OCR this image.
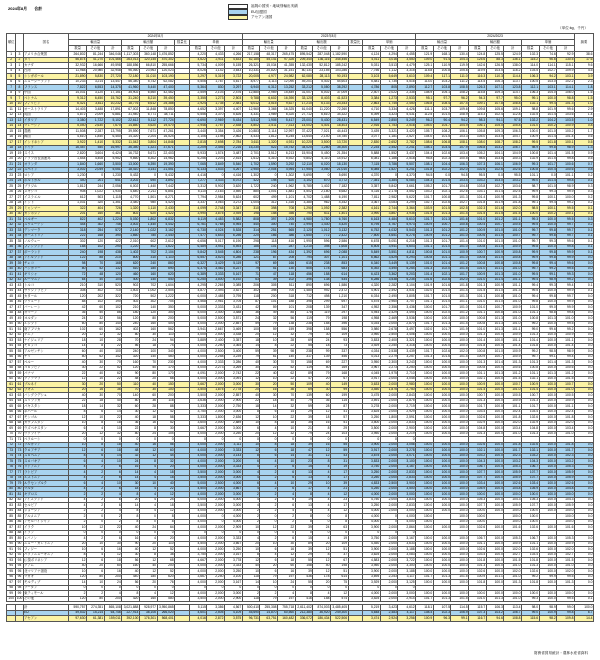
2024年8月 合計	福岡の国別・地域別輸出実績
EU加盟国
アセアン諸国
（単位:kg、千円）
順位		国名	2024年8月										2023年8月										2024/2023									摘要
			輸出量			輸出額			数量比	単価			輸出量			輸出額			数量比	単価			輸出量			輸出額			単価			
			数量	その他	計	数量	その他	計		数量	その他	計	数量	その他	計	数量	その他	計		数量	その他	計	数量	その他	計	数量	その他	計	数量	その他	計	
1	3	アメリカ合衆国	264,802	81,244	346,046	1,117,303	360,148	1,476,852		4,220	4,433	4,266	217,158	48,317	265,475	895,542	287,048	1,182,590		4,124	4,294	4,455	121.9	168.1	130.4	124.8	125.5	124.9	102.3	74.6	92.9	38.6
2	2	タイ	56,874	41,270	101,466	263,013	120,145	470,302		4,622	2,911	4,633	52,185	45,141	97,326	209,340	136,116	345,456		4,011	3,016	3,550	109.0	91.4	104.3	125.6	88.3	136.1	115.2	96.6	130.5	17.6
3	1	カナダ	32,932	16,666	49,598	188,856	66,810	255,666		5,734	4,009	5,155	26,321	15,034	41,355	132,430	52,812	185,242		5,031	3,513	4,479	125.1	110.9	119.9	142.6	126.5	138.0	114.0	114.1	115.1	9.6
4	4	台湾	11,968	20,980	32,948	96,060	23,963	120,023		8,026	1,142	3,643	10,331	20,820	31,151	80,131	23,155	103,286		7,756	1,112	3,315	115.8	100.8	105.8	119.9	103.5	116.2	103.5	102.7	109.9	4.5
5	5	シンガポール	21,890	5,830	27,720	72,180	31,010	103,190		3,297	5,319	3,722	20,005	4,977	24,982	62,080	28,113	90,193		3,103	5,649	3,610	109.4	117.1	111.0	116.3	110.3	114.4	106.3	94.2	103.1	3.9
6	6	ニュージーランド	10,233	3,214	13,447	56,340	5,742	62,082		5,506	1,787	4,617	8,977	3,113	12,090	49,201	5,402	54,603		5,481	1,735	4,516	114.0	103.2	111.2	114.5	106.3	113.7	100.5	103.0	102.2	2.3
7	8	フランス	7,822	6,553	14,375	41,960	5,440	47,400		5,364	830	3,297	6,940	6,312	13,252	33,212	5,080	38,292		4,786	805	2,890	112.7	103.8	108.5	126.3	107.1	123.8	112.1	103.1	114.1	1.8
8	9	中国	14,031	3,120	17,151	35,902	6,560	42,462		2,559	2,103	2,476	12,880	2,969	15,849	31,007	6,002	37,009		2,407	2,022	2,335	108.9	105.1	108.2	115.8	109.3	114.7	106.3	104.0	106.0	1.6
9	7	ベトナム	9,312	6,450	15,762	31,240	8,210	39,450		3,355	1,273	2,503	9,788	6,602	16,390	33,120	8,403	41,523		3,384	1,273	2,533	95.1	97.7	96.2	94.3	97.7	95.0	99.1	100.0	98.8	1.5
10	10	フィリピン	6,421	3,811	10,232	18,776	6,612	25,388		2,924	1,735	2,481	6,012	3,515	9,527	17,210	6,133	23,343		2,863	1,745	2,450	106.8	108.4	107.4	109.1	107.8	108.8	102.1	99.4	101.3	1.0
11	11	オーストラリア	14,403	3,488	17,891	67,002	11,848	78,850		4,652	3,397	4,407	12,960	3,365	16,325	61,040	11,220	72,260		4,710	3,334	4,426	111.1	103.7	109.6	109.8	105.6	109.1	98.8	101.9	99.6	2.9
12	13	英国	4,872	2,009	6,881	31,940	6,771	38,711		6,556	3,370	5,626	4,331	1,989	6,320	27,712	6,610	34,322		6,399	3,323	5,431	112.5	101.0	108.9	115.3	102.4	112.8	102.5	101.4	103.6	1.4
13	12	イタリア	3,380	1,722	5,102	22,612	5,112	27,724		6,690	2,969	5,434	3,512	1,905	5,417	23,001	5,430	28,431		6,549	2,850	5,249	96.2	90.4	94.2	98.3	94.1	97.5	102.2	104.2	103.5	1.0
14	14	マレーシア	5,040	2,630	7,670	14,850	4,620	19,470		2,946	1,757	2,538	4,802	2,511	7,313	14,002	4,401	18,403		2,916	1,753	2,516	105.0	104.7	104.9	106.1	105.0	105.8	101.0	100.2	100.9	0.8
15	15	香港	11,508	2,287	13,795	39,590	7,671	47,261		3,440	3,354	3,426	10,883	2,114	12,997	37,422	7,021	44,443		3,439	3,321	3,420	105.7	108.2	106.1	105.8	109.3	106.3	100.0	101.0	100.2	1.7
16	16	韓国	4,610	1,840	6,450	14,320	2,204	16,524		3,106	1,198	2,562	4,433	1,812	6,245	13,640	2,140	15,780		3,077	1,181	2,527	104.0	101.5	103.3	105.0	103.0	104.7	100.9	101.4	101.4	0.6
17	17	インドネシア	3,922	1,410	5,332	11,042	3,804	14,846		2,815	2,698	2,784	3,611	1,320	4,931	10,220	3,500	13,720		2,830	2,652	2,782	108.6	106.8	108.1	108.0	108.7	108.2	99.5	101.8	100.1	0.5
18	18	ドイツ	16,457	540	16,997	36,350	1,321	37,671		2,209	2,446	2,216	15,230	522	15,752	34,020	1,280	35,300		2,234	2,452	2,241	108.1	103.4	107.9	106.8	103.2	106.7	98.9	99.8	98.9	1.3
19	19	スイス	2,820	3,604	6,424	16,732	5,671	22,403		5,933	1,574	3,487	2,701	3,512	6,213	15,904	5,450	21,354		5,888	1,552	3,437	104.4	102.6	103.4	105.2	104.1	104.9	100.8	101.4	101.5	0.9
20	20	アラブ首長国連邦	1,544	4,408	5,952	9,660	5,302	14,962		6,256	1,203	2,514	1,612	4,310	5,922	9,802	5,110	14,912		6,081	1,186	2,518	95.8	102.3	100.5	98.6	103.8	100.3	102.9	101.5	99.8	0.5
21	21	オランダ	1,840	1,660	3,500	13,000	6,390	19,390		7,065	3,849	5,540	1,702	1,590	3,292	12,110	6,020	18,130		7,115	3,786	5,507	108.1	104.4	106.3	107.3	106.1	106.9	99.3	101.7	100.6	0.7
22	22	スペイン	3,002	2,049	5,051	18,410	3,141	21,551		6,133	1,533	4,267	2,950	2,004	4,954	17,950	3,060	21,010		6,085	1,527	4,241	101.8	102.2	102.0	102.6	102.6	102.6	100.8	100.4	100.6	0.8
23	23	ロシア	1,230	0	1,230	5,432	0	5,432		4,416	0	4,416	1,302	0	1,302	5,690	0	5,690		4,370	0	4,370	94.5	0.0	94.5	95.5	0.0	95.5	101.1	0.0	101.1	0.2
24	24	ポルトガル	440	201	641	3,202	690	3,892		7,277	3,433	6,072	422	198	620	3,102	670	3,772		7,351	3,384	6,084	104.3	101.5	103.4	103.2	103.0	103.2	99.0	101.4	99.8	0.1
25	25	ブラジル	1,812	244	2,056	6,002	1,440	7,442		3,312	5,902	3,620	1,722	240	1,962	5,780	1,402	7,182		3,357	5,842	3,661	105.2	101.7	104.8	103.8	102.7	103.6	98.7	101.0	98.9	0.3
26	26	メキシコ	908	1,022	1,930	4,640	2,211	6,851		5,110	2,163	3,550	880	1,001	1,881	4,502	2,180	6,682		5,116	2,178	3,552	103.2	102.1	102.6	103.1	101.4	102.5	99.9	99.3	99.9	0.3
27	27	イスラエル	612	503	1,115	4,770	1,501	6,271		7,794	2,984	5,624	602	499	1,101	4,702	1,488	6,190		7,811	2,982	5,622	101.7	100.8	101.3	101.4	100.9	101.3	99.8	100.1	100.0	0.2
28	28	インド	1,031	320	1,351	3,440	980	4,420		3,337	3,063	3,272	1,004	312	1,316	3,380	962	4,342		3,367	3,083	3,299	102.7	102.6	102.7	101.8	101.9	101.8	99.1	99.4	99.2	0.2
29	29	ミャンマー	322	404	726	1,320	1,110	2,430		4,099	2,748	3,347	310	398	708	1,290	1,092	2,382		4,161	2,744	3,364	103.9	101.5	102.5	102.3	101.6	102.0	98.5	100.1	99.5	0.1
30	30	カンボジア	201	160	361	802	620	1,422		3,990	3,875	3,939	198	158	356	790	611	1,401		3,990	3,867	3,935	101.5	101.3	101.4	101.5	101.5	101.5	100.0	100.2	100.1	0.1
31	31	ベルギー	822	402	1,224	5,030	1,802	6,832		6,119	4,483	5,582	808	397	1,205	4,980	1,780	6,760		6,163	4,484	5,610	101.7	101.3	101.6	101.0	101.2	101.1	99.3	100.0	99.5	0.3
32	32	スウェーデン	444	302	746	3,002	1,440	4,442		6,761	4,768	5,954	440	300	740	2,990	1,430	4,420		6,795	4,767	5,973	100.9	100.7	100.8	100.4	100.7	100.5	99.5	100.0	99.7	0.2
33	33	デンマーク	318	254	572	2,140	1,022	3,162		6,730	4,024	5,528	314	251	565	2,120	1,012	3,132		6,752	4,032	5,543	101.3	101.2	101.2	100.9	101.0	101.0	99.7	99.8	99.7	0.1
34	34	オーストリア	222	168	390	1,660	780	2,440		7,477	4,643	6,256	220	166	386	1,650	772	2,422		7,500	4,651	6,275	100.9	101.2	101.0	100.6	101.0	100.7	99.7	99.8	99.7	0.1
35	35	ノルウェー	302	120	422	2,010	602	2,612		6,656	5,017	6,190	298	118	416	1,990	596	2,586		6,678	5,051	6,216	101.3	101.7	101.4	101.0	101.0	101.0	99.7	99.3	99.6	0.1
36	36	フィンランド	188	102	290	1,220	402	1,622		6,489	3,941	5,593	186	101	287	1,210	398	1,608		6,505	3,941	5,603	101.1	101.0	101.0	100.8	101.0	100.9	99.8	100.0	99.8	0.1
37	37	ポーランド	240	198	438	1,402	702	2,104		5,842	3,545	4,804	238	196	434	1,392	696	2,088		5,849	3,551	4,811	100.8	101.0	100.9	100.7	100.9	100.8	99.9	99.8	99.9	0.1
38	38	アイルランド	122	88	210	800	310	1,110		6,557	3,523	5,286	121	87	208	794	307	1,101		6,562	3,529	5,293	100.8	101.1	101.0	100.8	101.0	100.8	99.9	99.8	99.9	0.0
39	39	チェコ	98	70	168	620	240	860		6,327	3,429	5,119	97	69	166	615	238	853		6,340	3,449	5,139	101.0	101.4	101.2	100.8	100.8	100.8	99.8	99.4	99.6	0.0
40	40	ハンガリー	80	52	132	510	180	690		6,375	3,462	5,227	79	51	130	505	178	683		6,392	3,490	5,254	101.3	102.0	101.5	101.0	101.1	101.0	99.7	99.2	99.5	0.0
41	41	ギリシャ	72	48	120	460	160	620		6,389	3,333	5,167	71	47	118	456	158	614		6,423	3,362	5,203	101.4	102.1	101.7	100.9	101.3	101.0	99.5	99.1	99.3	0.0
42	42	ルーマニア	64	40	104	400	140	540		6,250	3,500	5,192	63	39	102	396	138	534		6,286	3,538	5,235	101.6	102.6	102.0	101.0	101.4	101.1	99.4	98.9	99.2	0.0
43	43	トルコ	210	310	520	902	702	1,604		4,295	2,265	3,085	206	305	511	890	696	1,586		4,320	2,282	3,104	101.9	101.6	101.8	101.3	100.9	101.1	99.4	99.3	99.4	0.1
44	44	サウジアラビア	308	402	710	1,502	1,002	2,504		4,877	2,493	3,527	302	398	700	1,480	992	2,472		4,901	2,492	3,531	102.0	101.0	101.4	101.5	101.0	101.3	99.5	100.0	99.9	0.1
45	45	カタール	120	202	322	720	502	1,222		6,000	2,485	3,795	118	200	318	712	498	1,210		6,034	2,490	3,805	101.7	101.0	101.3	101.1	100.8	101.0	99.4	99.8	99.7	0.0
46	46	クウェート	88	102	190	402	302	704		4,568	2,961	3,705	87	101	188	398	299	697		4,575	2,960	3,707	101.1	101.0	101.1	101.0	101.0	101.0	99.8	100.0	99.9	0.0
47	47	バーレーン	42	60	102	210	140	350		5,000	2,333	3,431	42	59	101	208	139	347		4,952	2,356	3,436	100.0	101.7	101.0	101.0	100.7	100.9	101.0	99.0	99.9	0.0
48	48	オマーン	36	50	86	180	120	300		5,000	2,400	3,488	36	49	85	178	119	297		4,944	2,429	3,494	100.0	102.0	101.2	101.1	100.8	101.0	101.1	98.8	99.8	0.0
49	49	ヨルダン	24	32	56	120	80	200		5,000	2,500	3,571	24	32	56	119	79	198		4,958	2,469	3,536	100.0	100.0	100.0	100.8	101.3	101.0	100.8	101.3	101.0	0.0
50	50	エジプト	60	80	140	240	160	400		4,000	2,000	2,857	59	79	138	238	158	396		4,034	2,000	2,870	101.7	101.3	101.4	100.8	101.3	101.0	99.2	100.0	99.5	0.0
51	51	南アフリカ	102	60	162	402	160	562		3,941	2,667	3,469	100	59	159	398	158	556		3,980	2,678	3,497	102.0	101.7	101.9	101.0	101.3	101.1	99.0	99.6	99.2	0.0
52	52	ケニア	20	12	32	80	30	110		4,000	2,500	3,438	20	12	32	79	30	109		3,950	2,500	3,406	100.0	100.0	100.0	101.3	100.0	100.9	101.3	100.0	100.9	0.0
53	53	ナイジェリア	18	10	28	70	24	94		3,889	2,400	3,357	18	10	28	69	24	93		3,833	2,400	3,321	100.0	100.0	100.0	101.4	100.0	101.1	101.4	100.0	101.1	0.0
54	54	モロッコ	14	8	22	56	18	74		4,000	2,250	3,364	14	8	22	55	18	73		3,929	2,250	3,318	100.0	100.0	100.0	101.8	100.0	101.4	101.8	100.0	101.4	0.0
55	55	アルゼンチン	60	40	100	240	100	340		4,000	2,500	3,400	59	39	98	238	99	337		4,034	2,538	3,439	101.7	102.6	102.0	100.8	101.0	100.9	99.2	98.5	98.9	0.0
56	56	チリ	80	62	142	320	140	460		4,000	2,258	3,239	79	61	140	317	139	456		4,013	2,279	3,257	101.3	101.6	101.4	100.9	100.7	100.9	99.7	99.1	99.4	0.0
57	57	ペルー	40	30	70	160	70	230		4,000	2,333	3,286	40	30	70	158	69	227		3,950	2,300	3,243	100.0	100.0	100.0	101.3	101.4	101.3	101.3	101.4	101.3	0.0
58	58	コロンビア	30	22	52	120	50	170		4,000	2,273	3,269	30	22	52	119	50	169		3,967	2,273	3,250	100.0	100.0	100.0	100.8	100.0	100.6	100.8	100.0	100.6	0.0
59	59	パナマ	22	40	62	90	80	170		4,091	2,000	2,742	22	40	62	89	79	168		4,045	1,975	2,710	100.0	100.0	100.0	101.1	101.3	101.2	101.1	101.3	101.2	0.0
60	60	グアテマラ	12	10	22	48	20	68		4,000	2,000	3,091	12	10	22	47	20	67		3,917	2,000	3,045	100.0	100.0	100.0	102.1	100.0	101.5	102.1	100.0	101.5	0.0
61	61	ブルネイ	30	20	50	110	40	150		3,667	2,000	3,000	30	20	50	109	40	149		3,633	2,000	2,980	100.0	100.0	100.0	100.9	100.0	100.7	100.9	100.0	100.7	0.0
62	62	ラオス	20	16	36	70	30	100		3,500	1,875	2,778	20	16	36	69	30	99		3,450	1,875	2,750	100.0	100.0	100.0	101.4	100.0	101.0	101.4	100.0	101.0	0.0
63	63	バングラデシュ	40	30	70	140	60	200		3,500	2,000	2,857	40	30	70	139	60	199		3,475	2,000	2,843	100.0	100.0	100.0	100.7	100.0	100.5	100.7	100.0	100.5	0.0
64	64	スリランカ	22	18	40	80	36	116		3,636	2,000	2,900	22	18	40	79	36	115		3,591	2,000	2,875	100.0	100.0	100.0	101.3	100.0	100.9	101.3	100.0	100.9	0.0
65	65	パキスタン	18	14	32	60	28	88		3,333	2,000	2,750	18	14	32	59	28	87		3,278	2,000	2,719	100.0	100.0	100.0	101.7	100.0	101.1	101.7	100.0	101.1	0.0
66	66	ネパール	8	6	14	30	12	42		3,750	2,000	3,000	8	6	14	29	12	41		3,625	2,000	2,929	100.0	100.0	100.0	103.4	100.0	102.4	103.4	100.0	102.4	0.0
67	67	モンゴル	12	10	22	40	18	58		3,333	1,800	2,636	12	10	22	39	18	57		3,250	1,800	2,591	100.0	100.0	100.0	102.6	100.0	101.8	102.6	100.0	101.8	0.0
68	68	カザフスタン	10	8	18	36	16	52		3,600	2,000	2,889	10	8	18	35	16	51		3,500	2,000	2,833	100.0	100.0	100.0	102.9	100.0	102.0	102.9	100.0	102.0	0.0
69	69	ウズベキスタン	6	4	10	22	8	30		3,667	2,000	3,000	6	4	10	21	8	29		3,500	2,000	2,900	100.0	100.0	100.0	104.8	100.0	103.4	104.8	100.0	103.4	0.0
70	70	ウクライナ	20	12	32	80	24	104		4,000	2,000	3,250	20	12	32	79	24	103		3,950	2,000	3,219	100.0	100.0	100.0	101.3	100.0	101.0	101.3	100.0	101.0	0.0
71	71	ベラルーシ	0	0	0	0	0	0		0	0	0	0	0	0	0	0	0		0	0	0										
72	72	ブルガリア	10	8	18	40	16	56		4,000	2,000	3,111	10	8	18	39	16	55		3,900	2,000	3,056	100.0	100.0	100.0	102.6	100.0	101.8	102.6	100.0	101.8	0.0
73	73	クロアチア	12	6	18	48	12	60		4,000	2,000	3,333	12	6	18	47	12	59		3,917	2,000	3,278	100.0	100.0	100.0	102.1	100.0	101.7	102.1	100.0	101.7	0.0
74	74	スロベニア	8	6	14	32	12	44		4,000	2,000	3,143	8	6	14	31	12	43		3,875	2,000	3,071	100.0	100.0	100.0	103.2	100.0	102.3	103.2	100.0	102.3	0.0
75	75	スロバキア	6	4	10	24	8	32		4,000	2,000	3,200	6	4	10	23	8	31		3,833	2,000	3,100	100.0	100.0	100.0	104.3	100.0	103.2	104.3	100.0	103.2	0.0
76	76	リトアニア	4	2	6	16	4	20		4,000	2,000	3,333	4	2	6	15	4	19		3,750	2,000	3,167	100.0	100.0	100.0	106.7	100.0	105.3	106.7	100.0	105.3	0.0
77	77	ラトビア	4	2	6	14	4	18		3,500	2,000	3,000	4	2	6	13	4	17		3,250	2,000	2,833	100.0	100.0	100.0	107.7	100.0	105.9	107.7	100.0	105.9	0.0
78	78	エストニア	4	2	6	14	4	18		3,500	2,000	3,000	4	2	6	13	4	17		3,250	2,000	2,833	100.0	100.0	100.0	107.7	100.0	105.9	107.7	100.0	105.9	0.0
79	79	ルクセンブルク	6	4	10	30	10	40		5,000	2,500	4,000	6	4	10	29	10	39		4,833	2,500	3,900	100.0	100.0	100.0	103.4	100.0	102.6	103.4	100.0	102.6	0.0
80	80	マルタ	4	2	6	18	4	22		4,500	2,000	3,667	4	2	6	17	4	21		4,250	2,000	3,500	100.0	100.0	100.0	105.9	100.0	104.8	105.9	100.0	104.8	0.0
81	81	キプロス	2	2	4	8	4	12		4,000	2,000	3,000	2	2	4	8	4	12		4,000	2,000	3,000	100.0	100.0	100.0	100.0	100.0	100.0	100.0	100.0	100.0	0.0
82	82	アイスランド	4	2	6	20	4	24		5,000	2,000	4,000	4	2	6	19	4	23		4,750	2,000	3,833	100.0	100.0	100.0	105.3	100.0	104.3	105.3	100.0	104.3	0.0
83	83	セルビア	4	2	6	14	4	18		3,500	2,000	3,000	4	2	6	13	4	17		3,250	2,000	2,833	100.0	100.0	100.0	107.7	100.0	105.9	107.7	100.0	105.9	0.0
84	84	ジョージア	2	2	4	8	4	12		4,000	2,000	3,000	2	2	4	8	4	12		4,000	2,000	3,000	100.0	100.0	100.0	100.0	100.0	100.0	100.0	100.0	100.0	0.0
85	85	アルメニア	2	0	2	8	0	8		4,000	0	4,000	2	0	2	8	0	8		4,000	0	4,000	100.0		100.0	100.0		100.0	100.0		100.0	0.0
86	86	アゼルバイジャン	2	0	2	8	0	8		4,000	0	4,000	2	0	2	8	0	8		4,000	0	4,000	100.0		100.0	100.0		100.0	100.0		100.0	0.0
87	87	イラク	10	12	22	40	24	64		4,000	2,000	2,909	10	12	22	39	24	63		3,900	2,000	2,864	100.0	100.0	100.0	102.6	100.0	101.6	102.6	100.0	101.6	0.0
88	88	イラン	0	0	0	0	0	0		0	0	0	0	0	0	0	0	0		0	0	0										
89	89	レバノン	4	2	6	16	4	20		4,000	2,000	3,333	4	2	6	15	4	19		3,750	2,000	3,167	100.0	100.0	100.0	106.7	100.0	105.3	106.7	100.0	105.3	0.0
90	90	ニュー・カレドニア	20	10	30	90	20	110		4,500	2,000	3,667	20	10	30	89	20	109		4,450	2,000	3,633	100.0	100.0	100.0	101.1	100.0	100.9	101.1	100.0	100.9	0.0
91	91	フィジー	10	6	16	40	12	52		4,000	2,000	3,250	10	6	16	39	12	51		3,900	2,000	3,188	100.0	100.0	100.0	102.6	100.0	102.0	102.6	100.0	102.0	0.0
92	92	パプアニューギニア	8	4	12	30	8	38		3,750	2,000	3,167	8	4	12	29	8	37		3,625	2,000	3,083	100.0	100.0	100.0	103.4	100.0	102.7	103.4	100.0	102.7	0.0
93	93	仏領ポリネシア	12	6	18	56	12	68		4,667	2,000	3,778	12	6	18	55	12	67		4,583	2,000	3,722	100.0	100.0	100.0	101.8	100.0	101.5	101.8	100.0	101.5	0.0
94	94	グアム	40	20	60	160	40	200		4,000	2,000	3,333	40	20	60	158	40	198		3,950	2,000	3,300	100.0	100.0	100.0	101.3	100.0	101.0	101.3	100.0	101.0	0.0
95	95	北マリアナ諸島	10	6	16	40	12	52		4,000	2,000	3,250	10	6	16	39	12	51		3,900	2,000	3,188	100.0	100.0	100.0	102.6	100.0	102.0	102.6	100.0	102.0	0.0
96	96	マカオ	120	80	200	440	180	620		3,667	2,250	3,100	118	79	197	436	178	614		3,695	2,253	3,117	101.7	101.3	101.5	100.9	101.1	101.0	99.2	99.9	99.5	0.0
97	97	モルディブ	14	10	24	56	20	76		4,000	2,000	3,167	14	10	24	55	20	75		3,929	2,000	3,125	100.0	100.0	100.0	101.8	100.0	101.3	101.8	100.0	101.3	0.0
98	98	ブータン	0	0	0	0	0	0		0	0	0	0	0	0	0	0	0		0	0	0										
99	99	東ティモール	2	2	4	8	4	12		4,000	2,000	3,000	2	2	4	8	4	12		4,000	2,000	3,000	100.0	100.0	100.0	100.0	100.0	100.0	100.0	100.0	100.0	0.0
100	100	その他	120	80	200	420	160	580		3,500	2,000	2,900	118	79	197	416	158	574		3,525	2,000	2,914	101.7	101.3	101.5	101.0	101.3	101.0	99.3	100.0	99.5	0.1

		計	590,757	274,351	865,108	3,021,888	928,977	3,950,865		5,115	3,386	4,567	500,410	255,308	755,718	2,611,402	874,003	3,485,405		5,219	3,423	4,612	118.1	107.5	114.5	115.7	106.3	113.4	98.0	98.9	99.0	100.0
		EU	49,532	15,214	64,746	227,914	38,106	266,020		4,601	2,505	4,109	45,690	14,870	60,560	212,380	36,920	249,300		4,648	2,483	4,117	108.4	102.3	106.9	107.3	103.2	106.7	99.0	100.9	99.8	6.7
		アセアン	97,630	61,381	159,011	392,100	176,301	568,401		4,016	2,872	3,575	96,731	63,751	160,482	336,072	186,434	522,506		3,474	2,924	3,256	100.9	96.3	99.1	116.7	94.6	108.8	115.6	98.2	109.8	14.4
財務省貿易統計・農林水産省資料
